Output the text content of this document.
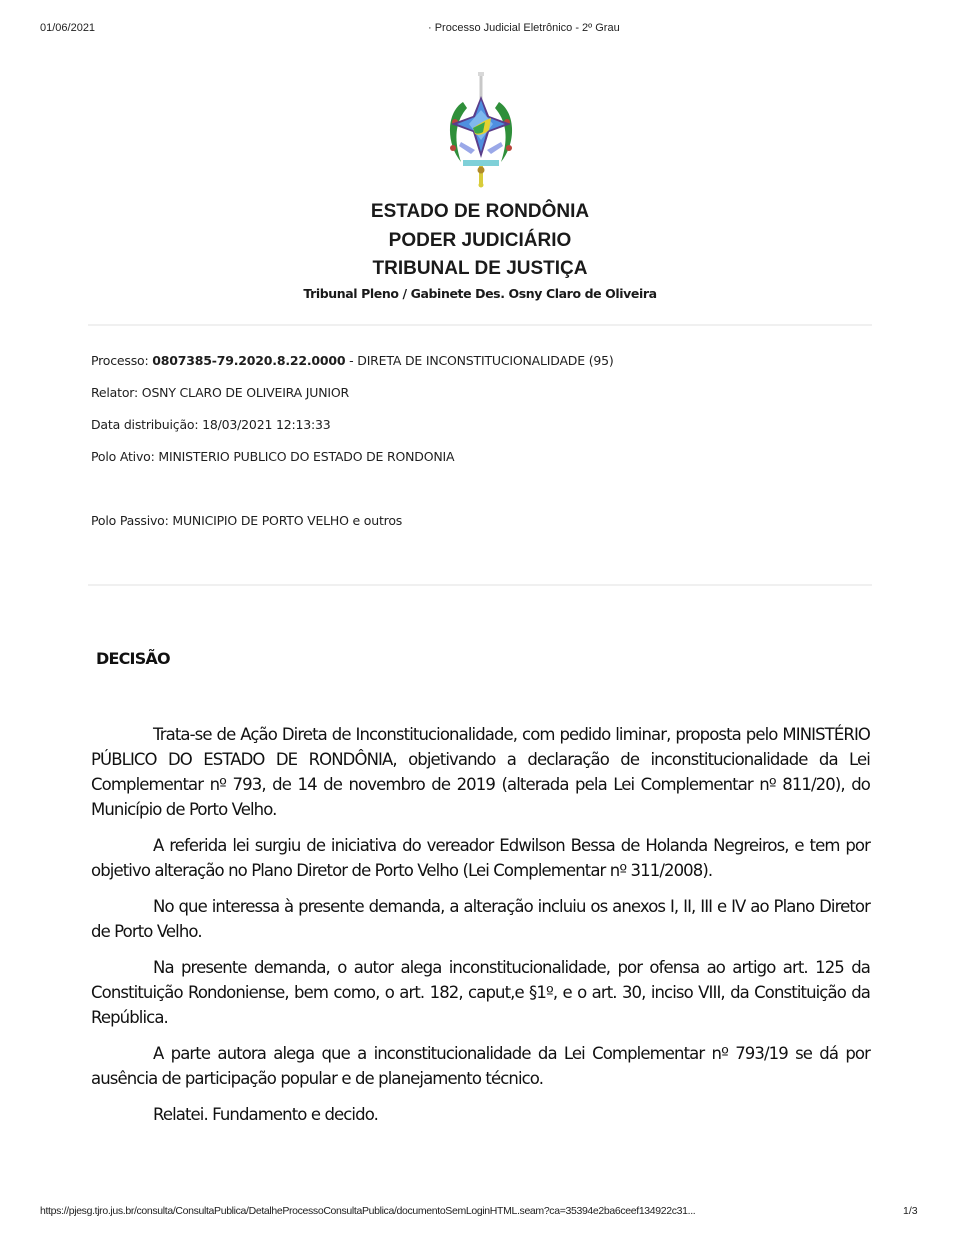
01/06/2021	· Processo Judicial Eletrônico - 2º Grau
ESTADO DE RONDÔNIA
PODER JUDICIÁRIO
TRIBUNAL DE JUSTIÇA
Tribunal Pleno / Gabinete Des. Osny Claro de Oliveira
Processo: 0807385-79.2020.8.22.0000 - DIRETA DE INCONSTITUCIONALIDADE (95)
Relator: OSNY CLARO DE OLIVEIRA JUNIOR
Data distribuição: 18/03/2021 12:13:33
Polo Ativo: MINISTERIO PUBLICO DO ESTADO DE RONDONIA
Polo Passivo: MUNICIPIO DE PORTO VELHO e outros
DECISÃO

Trata-se de Ação Direta de Inconstitucionalidade, com pedido liminar, proposta pelo MINISTÉRIO PÚBLICO DO ESTADO DE RONDÔNIA, objetivando a declaração de inconstitucionalidade da Lei Complementar nº 793, de 14 de novembro de 2019 (alterada pela Lei Complementar nº 811/20), do Município de Porto Velho.

A referida lei surgiu de iniciativa do vereador Edwilson Bessa de Holanda Negreiros, e tem por objetivo alteração no Plano Diretor de Porto Velho (Lei Complementar nº 311/2008).

No que interessa à presente demanda, a alteração incluiu os anexos I, II, III e IV ao Plano Diretor de Porto Velho.

Na presente demanda, o autor alega inconstitucionalidade, por ofensa ao artigo art. 125 da Constituição Rondoniense, bem como, o art. 182, caput,e §1º, e o art. 30, inciso VIII, da Constituição da República.

A parte autora alega que a inconstitucionalidade da Lei Complementar nº 793/19 se dá por ausência de participação popular e de planejamento técnico.

Relatei. Fundamento e decido.

https://pjesg.tjro.jus.br/consulta/ConsultaPublica/DetalheProcessoConsultaPublica/documentoSemLoginHTML.seam?ca=35394e2ba6ceef134922c31...	1/3
